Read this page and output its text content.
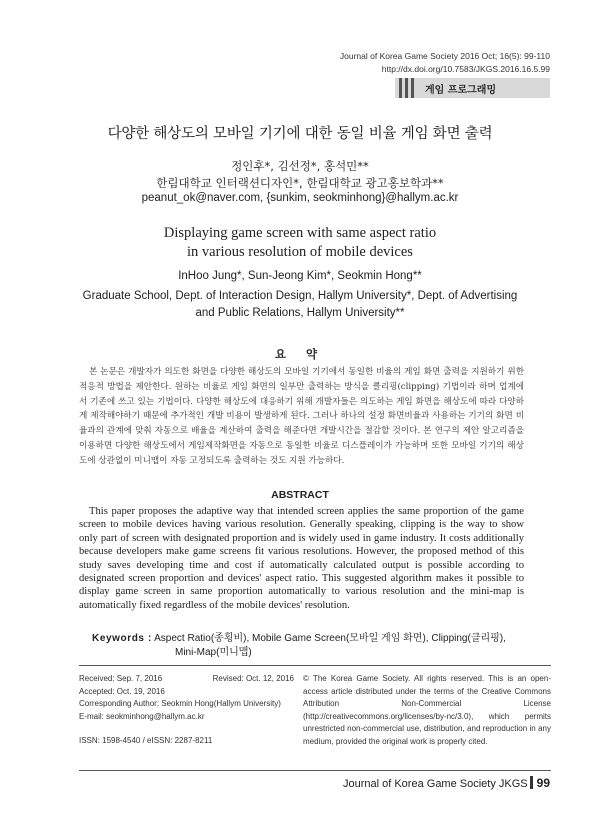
Journal of Korea Game Society 2016 Oct; 16(5): 99-110
http://dx.doi.org/10.7583/JKGS.2016.16.5.99
게임 프로그래밍
다양한 해상도의 모바일 기기에 대한 동일 비율 게임 화면 출력
정인후*, 김선정*, 홍석민**
한림대학교 인터랙션디자인*, 한림대학교 광고홍보학과**
peanut_ok@naver.com, {sunkim, seokminhong}@hallym.ac.kr
Displaying game screen with same aspect ratio
in various resolution of mobile devices
InHoo Jung*, Sun-Jeong Kim*, Seokmin Hong**
Graduate School, Dept. of Interaction Design, Hallym University*, Dept. of Advertising
and Public Relations, Hallym University**
요 약
본 논문은 개발자가 의도한 화면을 다양한 해상도의 모바일 기기에서 동일한 비율의 게임 화면 출력을 지원하기 위한 적응적 방법을 제안한다. 원하는 비율로 게임 화면의 일부만 출력하는 방식을 클리핑(clipping) 기법이라 하며 업계에서 기존에 쓰고 있는 기법이다. 다양한 해상도에 대응하기 위해 개발자들은 의도하는 게임 화면을 해상도에 따라 다양하게 제작해야하기 때문에 추가적인 개발 비용이 발생하게 된다. 그러나 하나의 설정 화면비율과 사용하는 기기의 화면 비율과의 관계에 맞춰 자동으로 배율을 계산하여 출력을 해준다면 개발시간을 절감할 것이다. 본 연구의 제안 알고리즘을 이용하면 다양한 해상도에서 게임제작화면을 자동으로 동일한 비율로 디스플레이가 가능하며 또한 모바일 기기의 해상도에 상관없이 미니맵이 자동 고정되도록 출력하는 것도 지원 가능하다.
ABSTRACT
This paper proposes the adaptive way that intended screen applies the same proportion of the game screen to mobile devices having various resolution. Generally speaking, clipping is the way to show only part of screen with designated proportion and is widely used in game industry. It costs additionally because developers make game screens fit various resolutions. However, the proposed method of this study saves developing time and cost if automatically calculated output is possible according to designated screen proportion and devices' aspect ratio. This suggested algorithm makes it possible to display game screen in same proportion automatically to various resolution and the mini-map is automatically fixed regardless of the mobile devices' resolution.
Keywords : Aspect Ratio(종횡비), Mobile Game Screen(모바일 게임 화면), Clipping(클리핑),
Mini-Map(미니맵)
Received: Sep. 7, 2016	Revised: Oct. 12, 2016
Accepted: Oct. 19, 2016
Corresponding Author: Seokmin Hong(Hallym University)
E-mail: seokminhong@hallym.ac.kr
ISSN: 1598-4540 / eISSN: 2287-8211
© The Korea Game Society. All rights reserved. This is an open-access article distributed under the terms of the Creative Commons Attribution Non-Commercial License (http://creativecommons.org/licenses/by-nc/3.0), which permits unrestricted non-commercial use, distribution, and reproduction in any medium, provided the original work is properly cited.
Journal of Korea Game Society JKGS 99
